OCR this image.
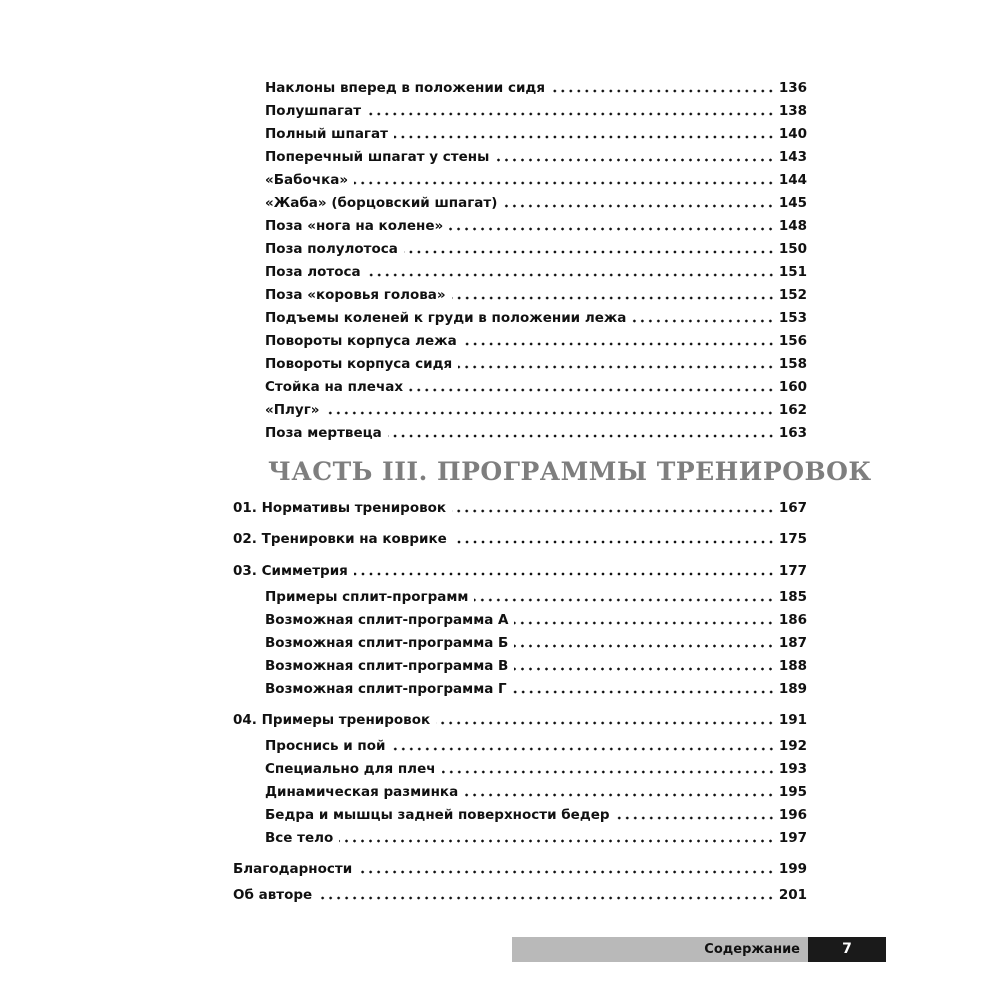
Наклоны вперед в положении сидя	136
Полушпагат	138
Полный шпагат	140
Поперечный шпагат у стены	143
«Бабочка»	144
«Жаба» (борцовский шпагат)	145
Поза «нога на колене»	148
Поза полулотоса	150
Поза лотоса	151
Поза «коровья голова»	152
Подъемы коленей к груди в положении лежа	153
Повороты корпуса лежа	156
Повороты корпуса сидя	158
Стойка на плечах	160
«Плуг»	162
Поза мертвеца	163
ЧАСТЬ III. ПРОГРАММЫ ТРЕНИРОВОК
01. Нормативы тренировок	167
02. Тренировки на коврике	175
03. Симметрия	177
Примеры сплит-программ	185
Возможная сплит-программа А	186
Возможная сплит-программа Б	187
Возможная сплит-программа В	188
Возможная сплит-программа Г	189
04. Примеры тренировок	191
Проснись и пой	192
Специально для плеч	193
Динамическая разминка	195
Бедра и мышцы задней поверхности бедер	196
Все тело	197
Благодарности	199
Об авторе	201
Содержание	7
